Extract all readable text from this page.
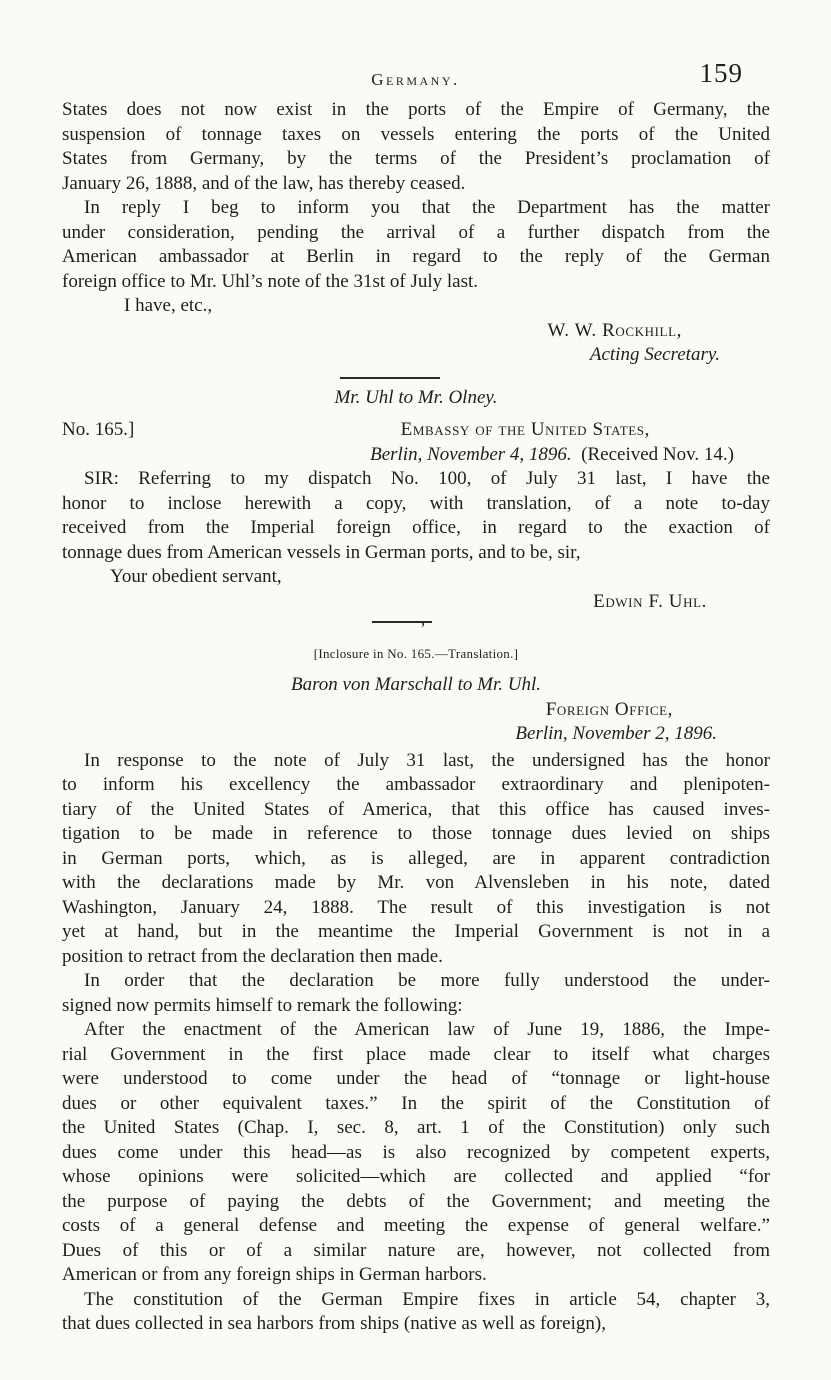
Germany.	159
States does not now exist in the ports of the Empire of Germany, the
suspension of tonnage taxes on vessels entering the ports of the United
States from Germany, by the terms of the President’s proclamation of
January 26, 1888, and of the law, has thereby ceased.
In reply I beg to inform you that the Department has the matter
under consideration, pending the arrival of a further dispatch from the
American ambassador at Berlin in regard to the reply of the German
foreign office to Mr. Uhl’s note of the 31st of July last.
I have, etc.,
W. W. Rockhill,
Acting Secretary.
Mr. Uhl to Mr. Olney.
No. 165.]	Embassy of the United States,
Berlin, November 4, 1896. (Received Nov. 14.)
SIR: Referring to my dispatch No. 100, of July 31 last, I have the
honor to inclose herewith a copy, with translation, of a note to-day
received from the Imperial foreign office, in regard to the exaction of
tonnage dues from American vessels in German ports, and to be, sir,
Your obedient servant,
Edwin F. Uhl.
’
[Inclosure in No. 165.—Translation.]
Baron von Marschall to Mr. Uhl.
Foreign Office,
Berlin, November 2, 1896.
In response to the note of July 31 last, the undersigned has the honor
to inform his excellency the ambassador extraordinary and plenipoten-
tiary of the United States of America, that this office has caused inves-
tigation to be made in reference to those tonnage dues levied on ships
in German ports, which, as is alleged, are in apparent contradiction
with the declarations made by Mr. von Alvensleben in his note, dated
Washington, January 24, 1888. The result of this investigation is not
yet at hand, but in the meantime the Imperial Government is not in a
position to retract from the declaration then made.
In order that the declaration be more fully understood the under-
signed now permits himself to remark the following:
After the enactment of the American law of June 19, 1886, the Impe-
rial Government in the first place made clear to itself what charges
were understood to come under the head of “tonnage or light-house
dues or other equivalent taxes.” In the spirit of the Constitution of
the United States (Chap. I, sec. 8, art. 1 of the Constitution) only such
dues come under this head—as is also recognized by competent experts,
whose opinions were solicited—which are collected and applied “for
the purpose of paying the debts of the Government; and meeting the
costs of a general defense and meeting the expense of general welfare.”
Dues of this or of a similar nature are, however, not collected from
American or from any foreign ships in German harbors.
The constitution of the German Empire fixes in article 54, chapter 3,
that dues collected in sea harbors from ships (native as well as foreign),
